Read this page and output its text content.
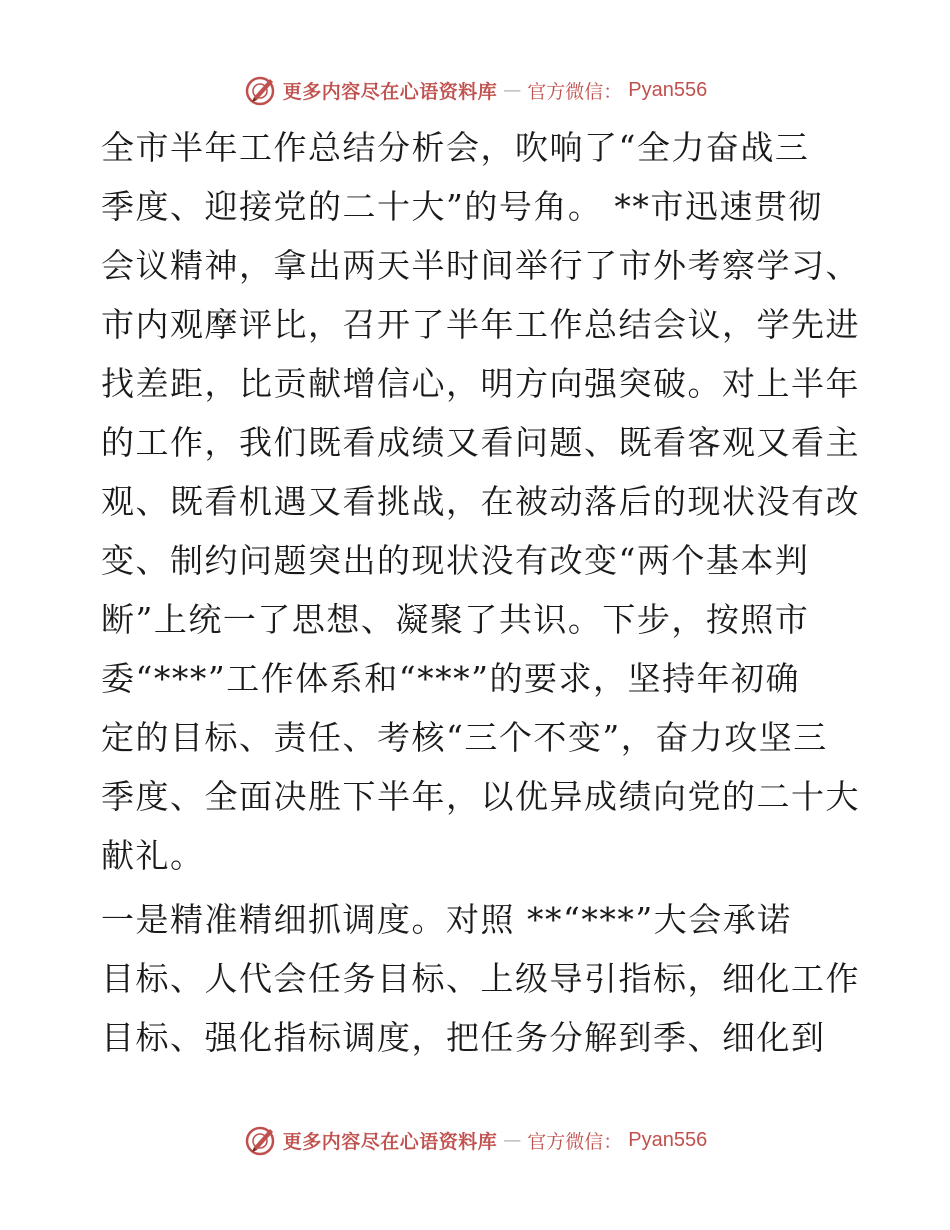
更多内容尽在心语资料库 — 官方微信： Pyan556

全市半年工作总结分析会，吹响了“全力奋战三
季度、迎接党的二十大”的号角。 **市迅速贯彻
会议精神，拿出两天半时间举行了市外考察学习、
市内观摩评比，召开了半年工作总结会议，学先进
找差距，比贡献增信心，明方向强突破。对上半年
的工作，我们既看成绩又看问题、既看客观又看主
观、既看机遇又看挑战，在被动落后的现状没有改
变、制约问题突出的现状没有改变“两个基本判
断”上统一了思想、凝聚了共识。下步，按照市
委“***”工作体系和“***”的要求，坚持年初确
定的目标、责任、考核“三个不变”，奋力攻坚三
季度、全面决胜下半年，以优异成绩向党的二十大
献礼。

一是精准精细抓调度。对照 **“***”大会承诺
目标、人代会任务目标、上级导引指标，细化工作
目标、强化指标调度，把任务分解到季、细化到

更多内容尽在心语资料库 — 官方微信： Pyan556
